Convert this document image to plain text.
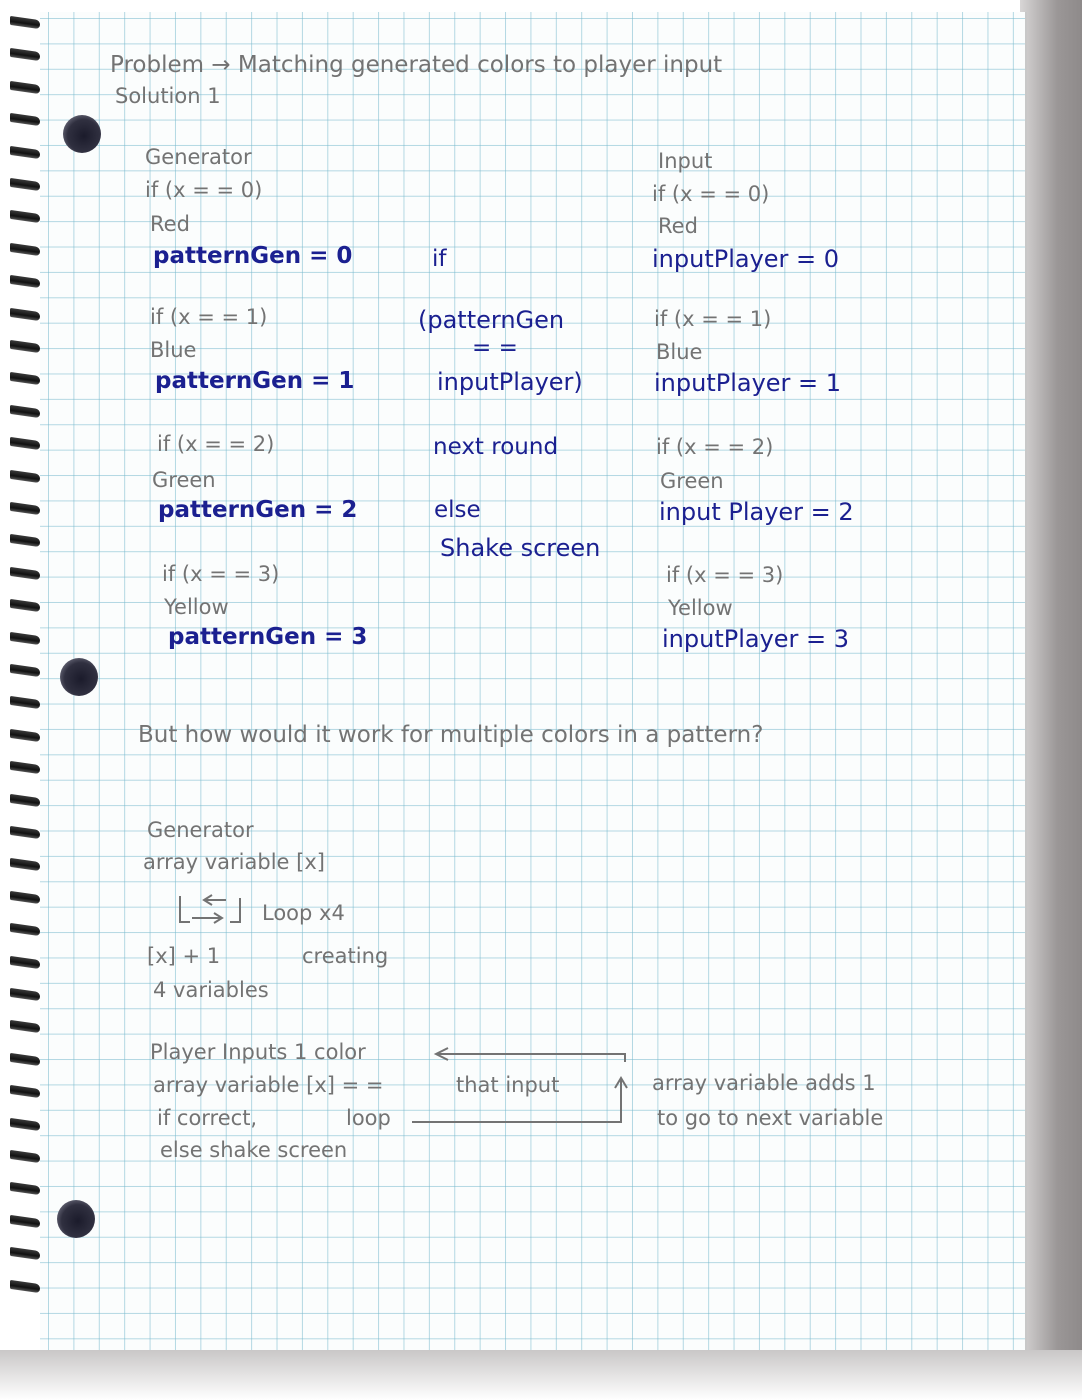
Problem → Matching generated colors to player input
Solution 1
Generator
if (x = = 0)
Red
patternGen = 0
if (x = = 1)
Blue
patternGen = 1
if (x = = 2)
Green
patternGen = 2
if (x = = 3)
Yellow
patternGen = 3
if
(patternGen
= =
inputPlayer)
next round
else
Shake screen
Input
if (x = = 0)
Red
inputPlayer = 0
if (x = = 1)
Blue
inputPlayer = 1
if (x = = 2)
Green
input Player = 2
if (x = = 3)
Yellow
inputPlayer = 3
But how would it work for multiple colors in a pattern?
Generator
array variable [x]
Loop x4
[x] + 1	creating
4 variables
Player Inputs 1 color
array variable [x] = =	that input
if correct,	loop
else shake screen
array variable adds 1
to go to next variable
